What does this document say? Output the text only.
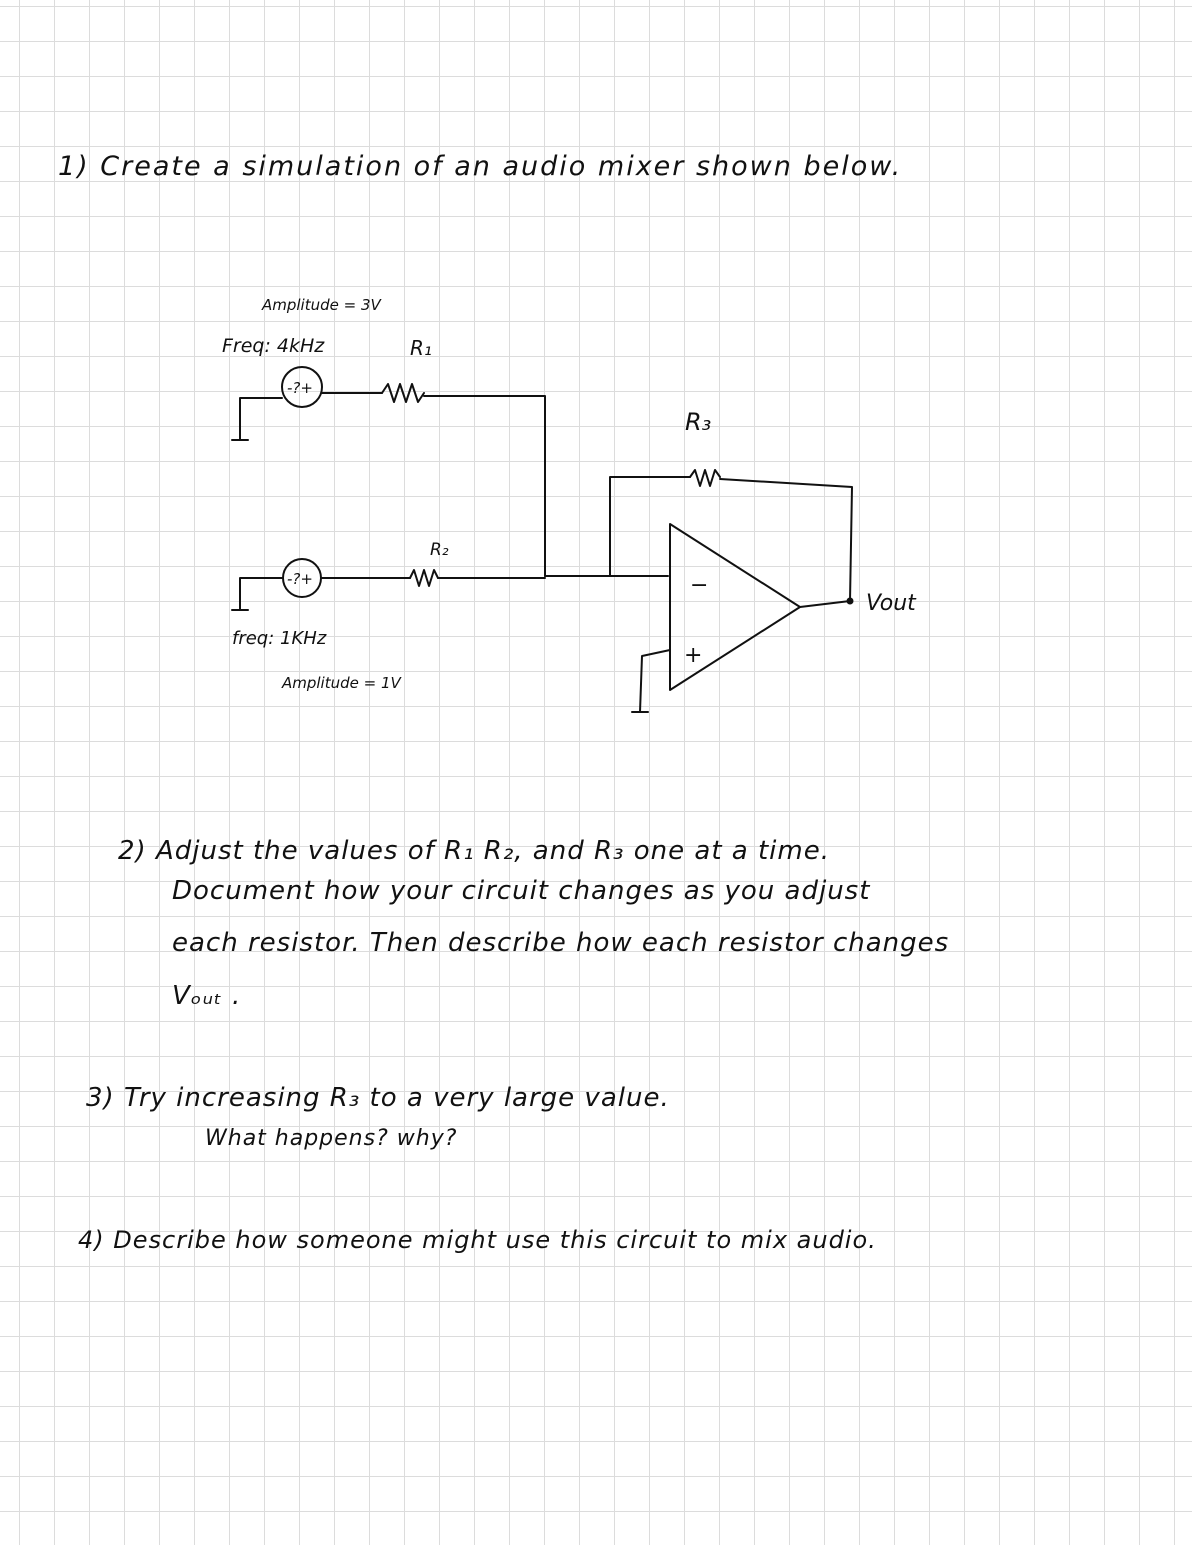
1) Create a simulation of an audio mixer shown below.

2) Adjust the values of R₁ R₂, and R₃ one at a time.

Document how your circuit changes as you adjust

each resistor. Then describe how each resistor changes

Vₒᵤₜ .

3) Try increasing R₃ to a very large value.

What happens? why?

4) Describe how someone might use this circuit to mix audio.

Amplitude = 3V
Freq: 4kHz
-?+
R₁
-?+
freq: 1KHz
Amplitude = 1V
R₂
R₃
−
+
Vout
